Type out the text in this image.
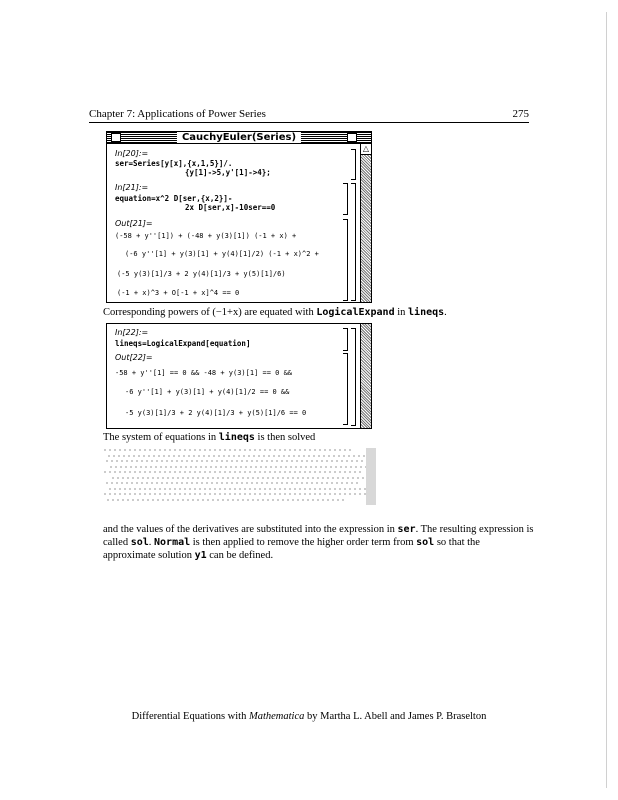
Chapter 7: Applications of Power Series	275
CauchyEuler(Series)
△
In[20]:=
ser=Series[y[x],{x,1,5}]/.
{y[1]->5,y'[1]->4};
In[21]:=
equation=x^2 D[ser,{x,2}]-
2x D[ser,x]-10ser==0
Out[21]=
(-58 + y''[1]) + (-48 + y(3)[1]) (-1 + x) +
(-6 y''[1] + y(3)[1] + y(4)[1]/2) (-1 + x)^2 +
(-5 y(3)[1]/3 + 2 y(4)[1]/3 + y(5)[1]/6)
(-1 + x)^3 + O[-1 + x]^4 == 0
Corresponding powers of (−1+x) are equated with LogicalExpand in lineqs.
In[22]:=
lineqs=LogicalExpand[equation]
Out[22]=
-58 + y''[1] == 0 && -48 + y(3)[1] == 0 &&
-6 y''[1] + y(3)[1] + y(4)[1]/2 == 0 &&
-5 y(3)[1]/3 + 2 y(4)[1]/3 + y(5)[1]/6 == 0
The system of equations in lineqs is then solved
and the values of the derivatives are substituted into the expression in ser. The resulting expression is called sol. Normal is then applied to remove the higher order term from sol so that the approximate solution y1 can be defined.
Differential Equations with Mathematica by Martha L. Abell and James P. Braselton
